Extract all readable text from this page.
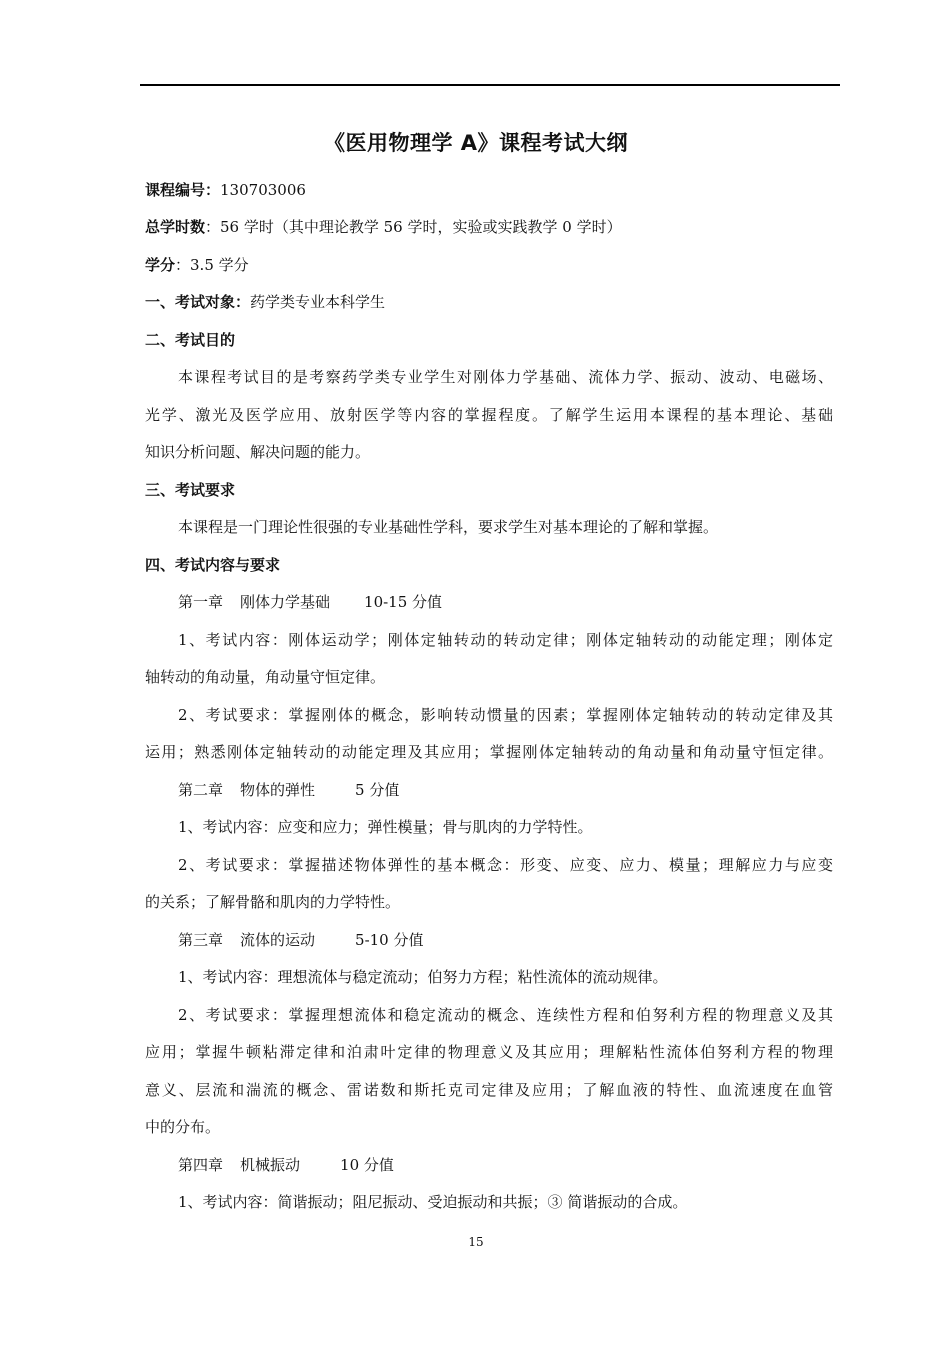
《医用物理学 A》课程考试大纲
课程编号：130703006
总学时数：56 学时（其中理论教学 56 学时，实验或实践教学 0 学时）
学分：3.5 学分
一、考试对象：药学类专业本科学生
二、考试目的
本课程考试目的是考察药学类专业学生对刚体力学基础、流体力学、振动、波动、电磁场、
光学、激光及医学应用、放射医学等内容的掌握程度。了解学生运用本课程的基本理论、基础
知识分析问题、解决问题的能力。
三、考试要求
本课程是一门理论性很强的专业基础性学科，要求学生对基本理论的了解和掌握。
四、考试内容与要求
第一章 刚体力学基础 10-15 分值
1、考试内容：刚体运动学；刚体定轴转动的转动定律；刚体定轴转动的动能定理；刚体定
轴转动的角动量，角动量守恒定律。
2、考试要求：掌握刚体的概念，影响转动惯量的因素；掌握刚体定轴转动的转动定律及其
运用；熟悉刚体定轴转动的动能定理及其应用；掌握刚体定轴转动的角动量和角动量守恒定律。
第二章 物体的弹性	5 分值
1、考试内容：应变和应力；弹性模量；骨与肌肉的力学特性。
2、考试要求：掌握描述物体弹性的基本概念：形变、应变、应力、模量；理解应力与应变
的关系；了解骨骼和肌肉的力学特性。
第三章 流体的运动	5-10 分值
1、考试内容：理想流体与稳定流动；伯努力方程；粘性流体的流动规律。
2、考试要求：掌握理想流体和稳定流动的概念、连续性方程和伯努利方程的物理意义及其
应用；掌握牛顿粘滞定律和泊肃叶定律的物理意义及其应用；理解粘性流体伯努利方程的物理
意义、层流和湍流的概念、雷诺数和斯托克司定律及应用；了解血液的特性、血流速度在血管
中的分布。
第四章 机械振动	10 分值
1、考试内容：简谐振动；阻尼振动、受迫振动和共振；③ 简谐振动的合成。
15
